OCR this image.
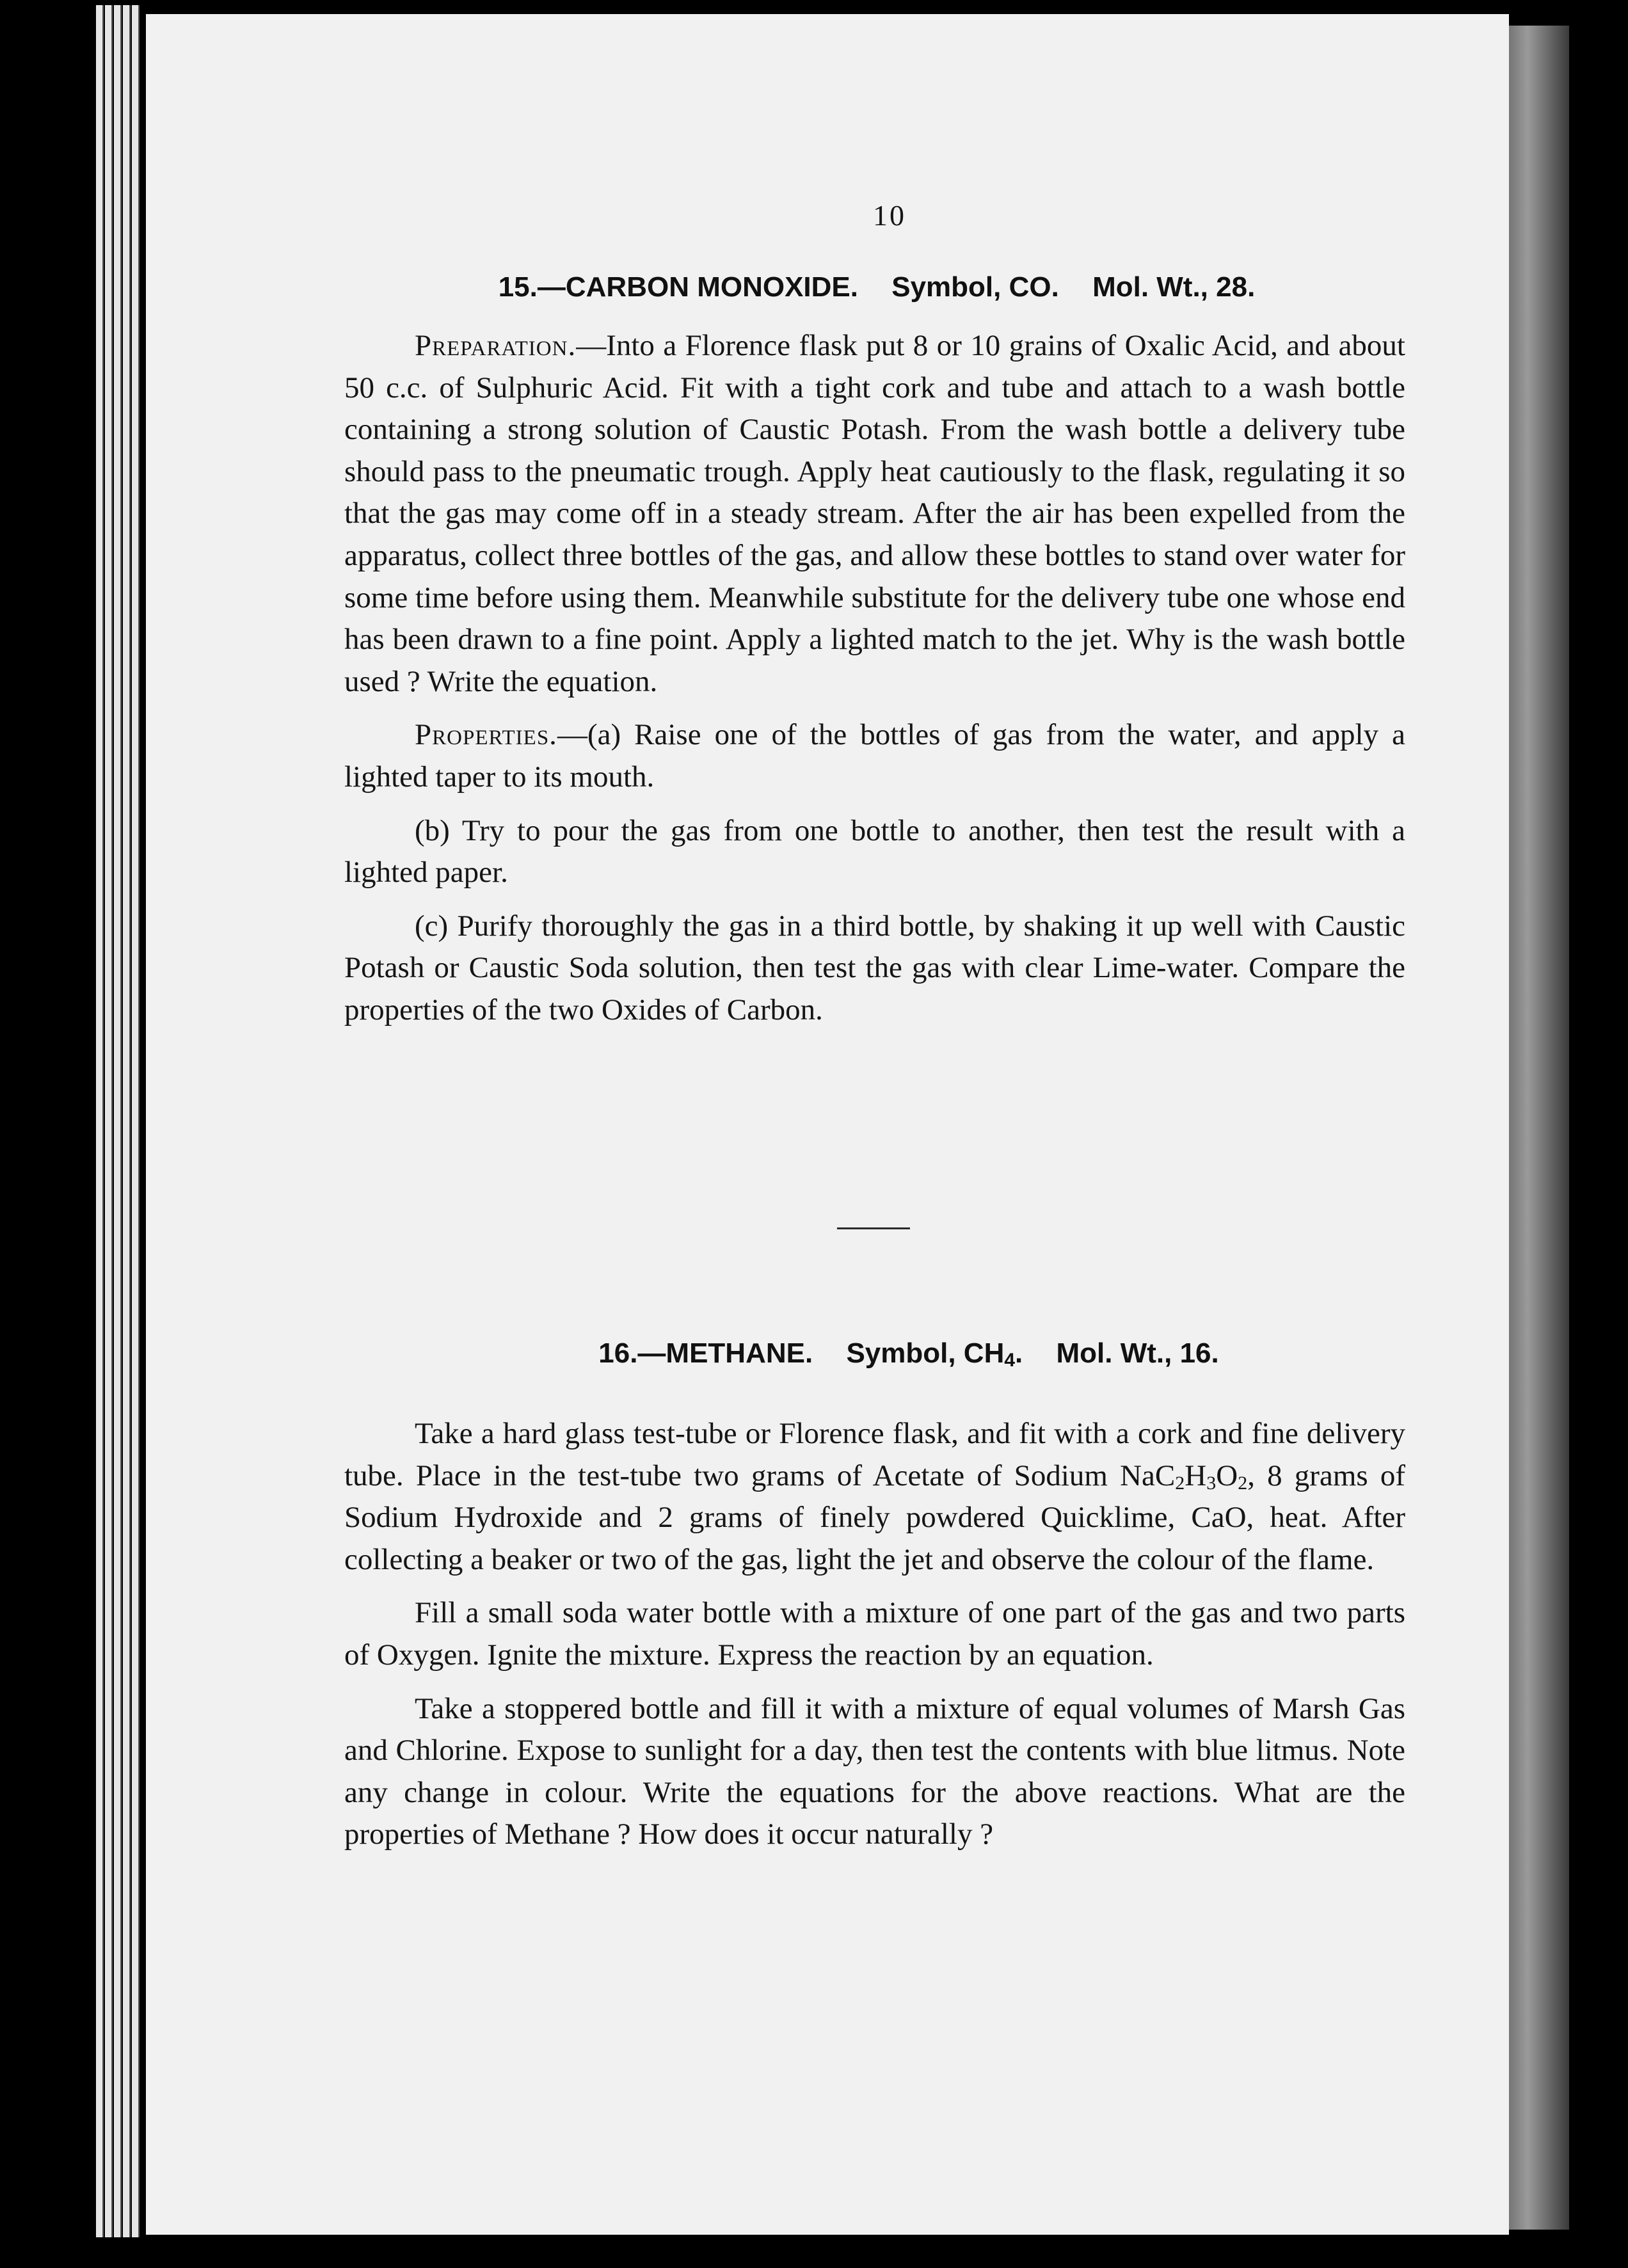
10
15.—CARBON MONOXIDE. Symbol, CO. Mol. Wt., 28.

Preparation.—Into a Florence flask put 8 or 10 grains of Oxalic Acid, and about 50 c.c. of Sulphuric Acid. Fit with a tight cork and tube and attach to a wash bottle containing a strong solution of Caustic Potash. From the wash bottle a delivery tube should pass to the pneumatic trough. Apply heat cautiously to the flask, regulating it so that the gas may come off in a steady stream. After the air has been expelled from the apparatus, collect three bottles of the gas, and allow these bottles to stand over water for some time before using them. Meanwhile substitute for the delivery tube one whose end has been drawn to a fine point. Apply a lighted match to the jet. Why is the wash bottle used ? Write the equation.

Properties.—(a) Raise one of the bottles of gas from the water, and apply a lighted taper to its mouth.

(b) Try to pour the gas from one bottle to another, then test the result with a lighted paper.

(c) Purify thoroughly the gas in a third bottle, by shaking it up well with Caustic Potash or Caustic Soda solution, then test the gas with clear Lime-water. Compare the properties of the two Oxides of Carbon.

16.—METHANE. Symbol, $CH_4$. Mol. Wt., 16.

Take a hard glass test-tube or Florence flask, and fit with a cork and fine delivery tube. Place in the test-tube two grams of Acetate of Sodium $NaC_2H_3O_2$, 8 grams of Sodium Hydroxide and 2 grams of finely powdered Quicklime, CaO, heat. After collecting a beaker or two of the gas, light the jet and observe the colour of the flame.

Fill a small soda water bottle with a mixture of one part of the gas and two parts of Oxygen. Ignite the mixture. Express the reaction by an equation.

Take a stoppered bottle and fill it with a mixture of equal volumes of Marsh Gas and Chlorine. Expose to sunlight for a day, then test the contents with blue litmus. Note any change in colour. Write the equations for the above reactions. What are the properties of Methane ? How does it occur naturally ?
